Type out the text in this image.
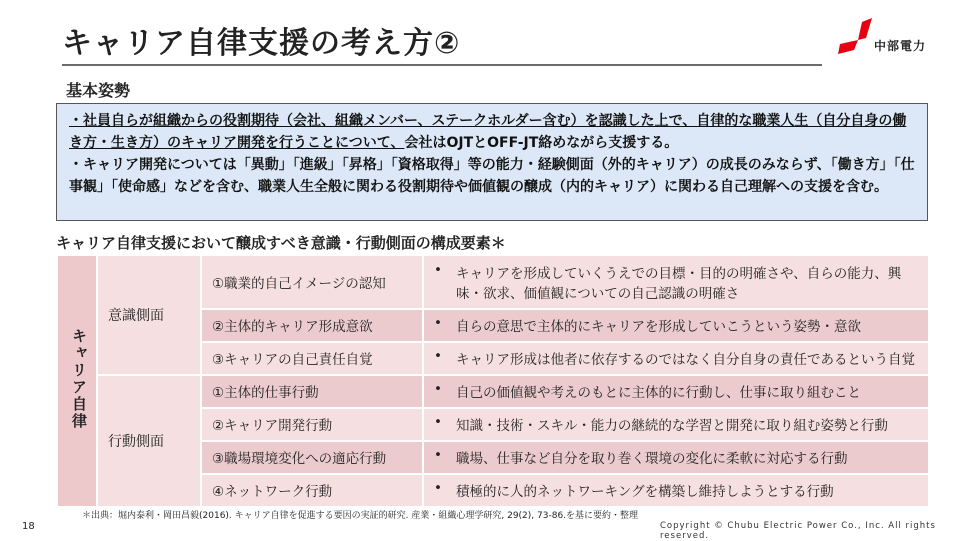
キャリア自律支援の考え方②	中部電力
基本姿勢

・社員自らが組織からの役割期待（会社、組織メンバー、ステークホルダー含む）を認識した上で、自律的な職業人生（自分自身の働き方・生き方）のキャリア開発を行うことについて、会社はOJTとOFF-JT絡めながら支援する。

・キャリア開発については「異動」「進級」「昇格」「資格取得」等の能力・経験側面（外的キャリア）の成長のみならず、「働き方」「仕事観」「使命感」などを含む、職業人生全般に関わる役割期待や価値観の醸成（内的キャリア）に関わる自己理解への支援を含む。

キャリア自律支援において醸成すべき意識・行動側面の構成要素＊
キャリア自律	意識側面	①職業的自己イメージの認知	• キャリアを形成していくうえでの目標・目的の明確さや、自らの能力、興味・欲求、価値観についての自己認識の明確さ

		②主体的キャリア形成意欲	• 自らの意思で主体的にキャリアを形成していこうという姿勢・意欲

		③キャリアの自己責任自覚	• キャリア形成は他者に依存するのではなく自分自身の責任であるという自覚

	行動側面	①主体的仕事行動	• 自己の価値観や考えのもとに主体的に行動し、仕事に取り組むこと

		②キャリア開発行動	• 知識・技術・スキル・能力の継続的な学習と開発に取り組む姿勢と行動

		③職場環境変化への適応行動	• 職場、仕事など自分を取り巻く環境の変化に柔軟に対応する行動

		④ネットワーク行動	• 積極的に人的ネットワーキングを構築し維持しようとする行動
＊出典：堀内泰利・岡田昌毅(2016). キャリア自律を促進する要因の実証的研究. 産業・組織心理学研究, 29(2), 73-86.を基に要約・整理
18	Copyright © Chubu Electric Power Co., Inc. All rights reserved.
